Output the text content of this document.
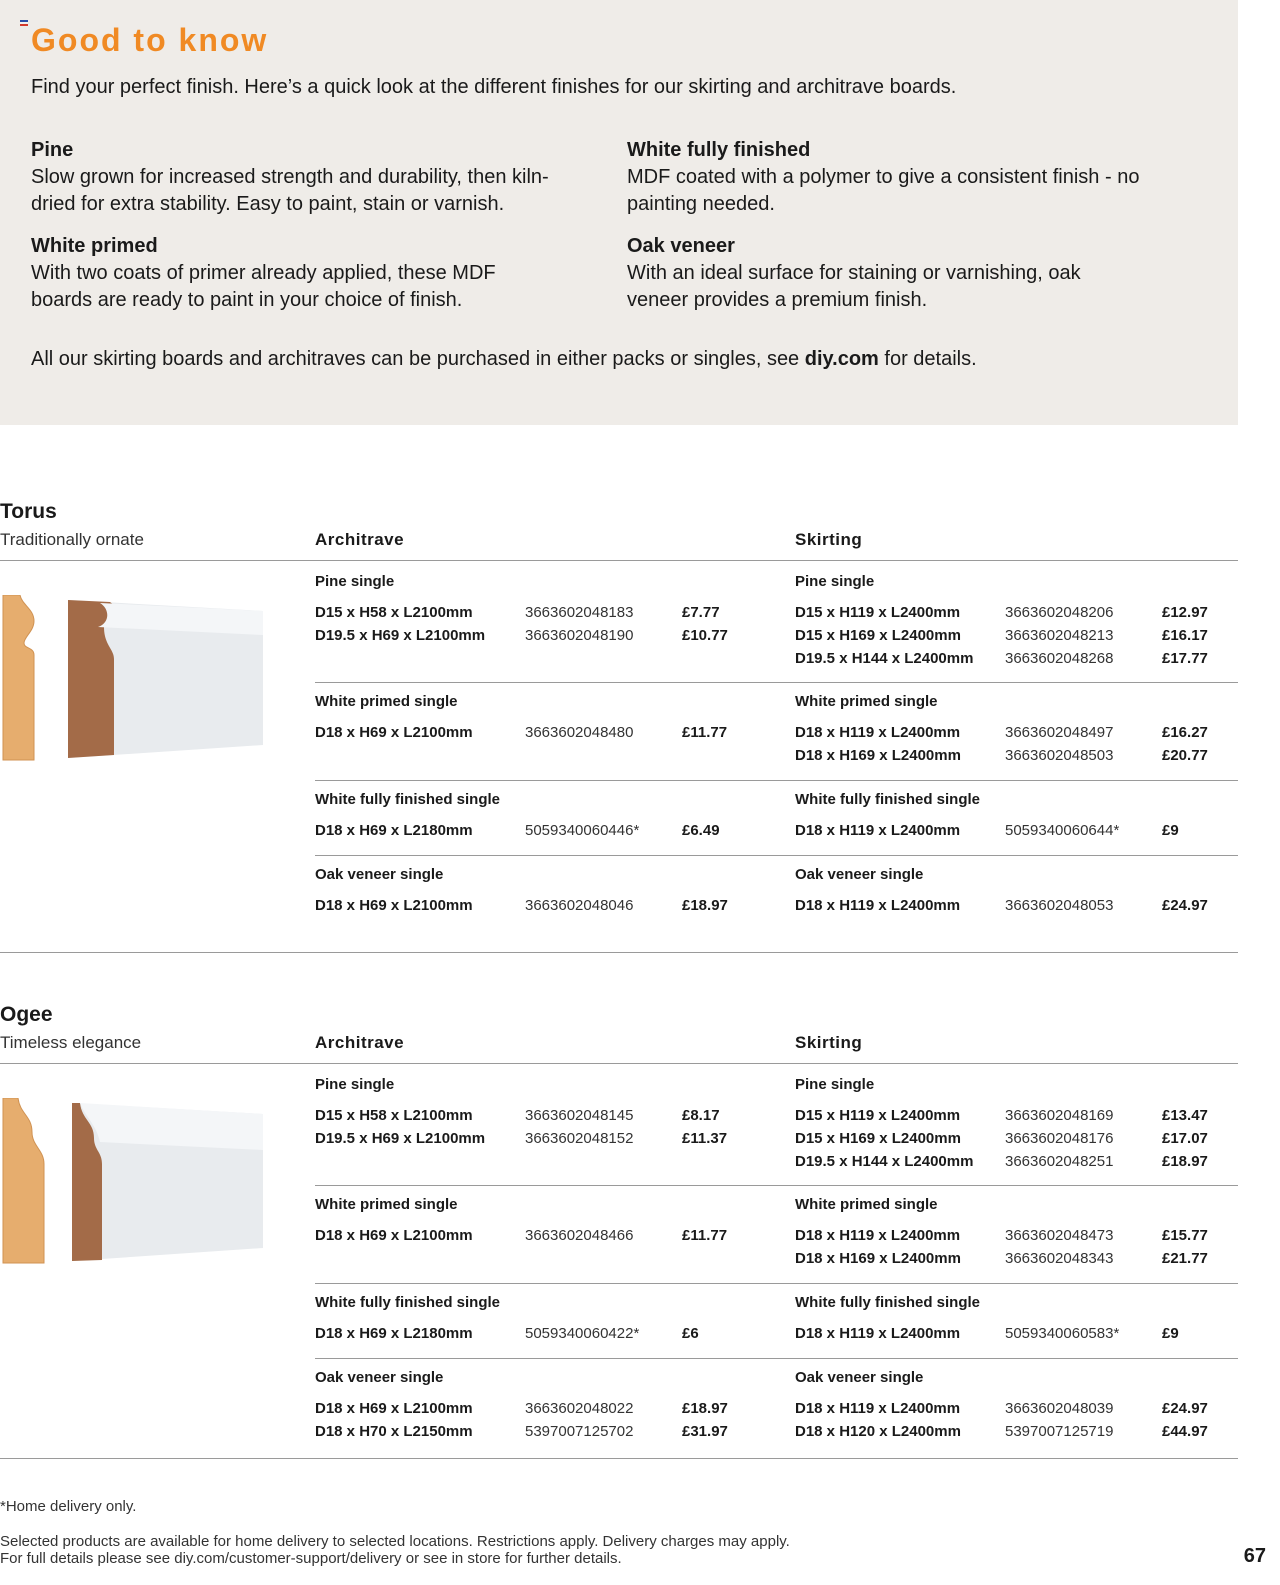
Good to know

Find your perfect finish. Here’s a quick look at the different finishes for our skirting and architrave boards.

Pine
Slow grown for increased strength and durability, then kiln-dried for extra stability. Easy to paint, stain or varnish.
White fully finished
MDF coated with a polymer to give a consistent finish - no painting needed.
White primed
With two coats of primer already applied, these MDF boards are ready to paint in your choice of finish.
Oak veneer
With an ideal surface for staining or varnishing, oak veneer provides a premium finish.

All our skirting boards and architraves can be purchased in either packs or singles, see diy.com for details.

Torus
Traditionally ornate	Architrave	Skirting
Pine single
D15 x H58 x L2100mm	3663602048183	£7.77
D19.5 x H69 x L2100mm	3663602048190	£10.77
Pine single
D15 x H119 x L2400mm	3663602048206	£12.97
D15 x H169 x L2400mm	3663602048213	£16.17
D19.5 x H144 x L2400mm 3663602048268	£17.77
White primed single
D18 x H69 x L2100mm	3663602048480	£11.77
White primed single
D18 x H119 x L2400mm	3663602048497	£16.27
D18 x H169 x L2400mm	3663602048503	£20.77
White fully finished single
D18 x H69 x L2180mm	5059340060446*	£6.49
White fully finished single
D18 x H119 x L2400mm	5059340060644*	£9
Oak veneer single
D18 x H69 x L2100mm	3663602048046	£18.97
Oak veneer single
D18 x H119 x L2400mm	3663602048053	£24.97
Ogee
Timeless elegance	Architrave	Skirting
Pine single
D15 x H58 x L2100mm	3663602048145	£8.17
D19.5 x H69 x L2100mm	3663602048152	£11.37
Pine single
D15 x H119 x L2400mm	3663602048169	£13.47
D15 x H169 x L2400mm	3663602048176	£17.07
D19.5 x H144 x L2400mm 3663602048251	£18.97
White primed single
D18 x H69 x L2100mm	3663602048466	£11.77
White primed single
D18 x H119 x L2400mm	3663602048473	£15.77
D18 x H169 x L2400mm	3663602048343	£21.77
White fully finished single
D18 x H69 x L2180mm	5059340060422*	£6
White fully finished single
D18 x H119 x L2400mm	5059340060583*	£9
Oak veneer single
D18 x H69 x L2100mm	3663602048022	£18.97
D18 x H70 x L2150mm	5397007125702	£31.97
Oak veneer single
D18 x H119 x L2400mm	3663602048039	£24.97
D18 x H120 x L2400mm	5397007125719	£44.97

*Home delivery only.

Selected products are available for home delivery to selected locations. Restrictions apply. Delivery charges may apply.

For full details please see diy.com/customer-support/delivery or see in store for further details.	67
